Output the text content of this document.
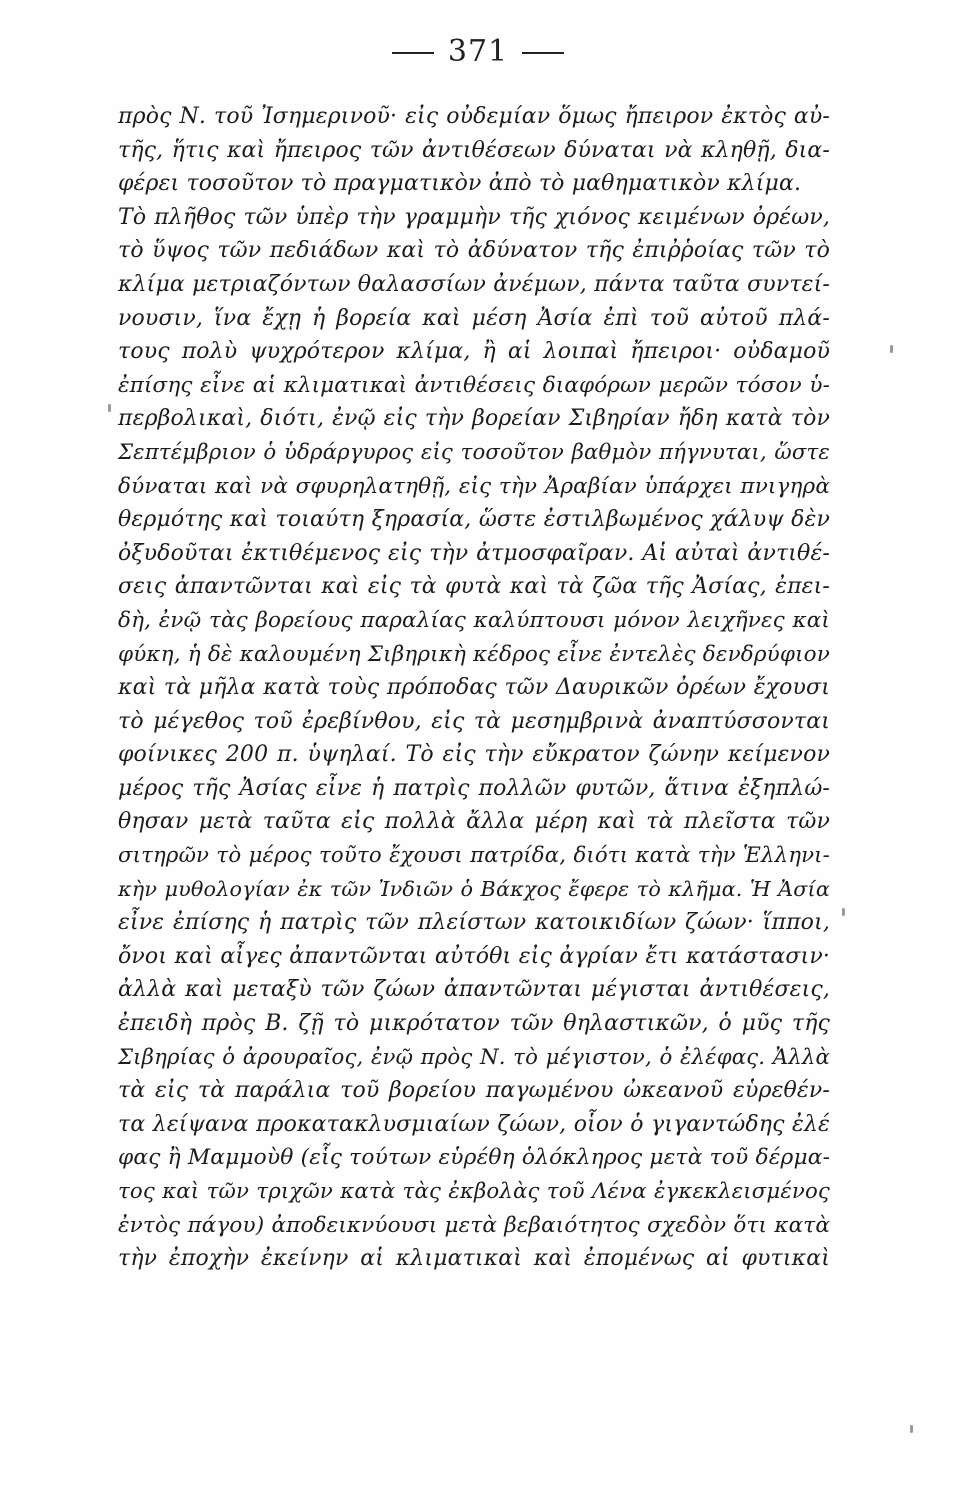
371
πρὸς Ν. τοῦ Ἰσημερινοῦ· εἰς οὐδεμίαν ὅμως ἤπειρον ἐκτὸς αὐ-
τῆς, ἥτις καὶ ἤπειρος τῶν ἀντιθέσεων δύναται νὰ κληθῇ, δια-
φέρει τοσοῦτον τὸ πραγματικὸν ἀπὸ τὸ μαθηματικὸν κλίμα.
Τὸ πλῆθος τῶν ὑπὲρ τὴν γραμμὴν τῆς χιόνος κειμένων ὀρέων,
τὸ ὕψος τῶν πεδιάδων καὶ τὸ ἀδύνατον τῆς ἐπιῤῥοίας τῶν τὸ
κλίμα μετριαζόντων θαλασσίων ἀνέμων, πάντα ταῦτα συντεί-
νουσιν, ἵνα ἔχῃ ἡ βορεία καὶ μέση Ἀσία ἐπὶ τοῦ αὐτοῦ πλά-
τους πολὺ ψυχρότερον κλίμα, ἢ αἱ λοιπαὶ ἤπειροι· οὐδαμοῦ
ἐπίσης εἶνε αἱ κλιματικαὶ ἀντιθέσεις διαφόρων μερῶν τόσον ὑ-
περβολικαὶ, διότι, ἐνῷ εἰς τὴν βορείαν Σιβηρίαν ἤδη κατὰ τὸν
Σεπτέμβριον ὁ ὑδράργυρος εἰς τοσοῦτον βαθμὸν πήγνυται, ὥστε
δύναται καὶ νὰ σφυρηλατηθῇ, εἰς τὴν Ἀραβίαν ὑπάρχει πνιγηρὰ
θερμότης καὶ τοιαύτη ξηρασία, ὥστε ἐστιλβωμένος χάλυψ δὲν
ὀξυδοῦται ἐκτιθέμενος εἰς τὴν ἀτμοσφαῖραν. Αἱ αὐταὶ ἀντιθέ-
σεις ἀπαντῶνται καὶ εἰς τὰ φυτὰ καὶ τὰ ζῶα τῆς Ἀσίας, ἐπει-
δὴ, ἐνῷ τὰς βορείους παραλίας καλύπτουσι μόνον λειχῆνες καὶ
φύκη, ἡ δὲ καλουμένη Σιβηρικὴ κέδρος εἶνε ἐντελὲς δενδρύφιον
καὶ τὰ μῆλα κατὰ τοὺς πρόποδας τῶν Δαυρικῶν ὀρέων ἔχουσι
τὸ μέγεθος τοῦ ἐρεβίνθου, εἰς τὰ μεσημβρινὰ ἀναπτύσσονται
φοίνικες 200 π. ὑψηλαί. Τὸ εἰς τὴν εὔκρατον ζώνην κείμενον
μέρος τῆς Ἀσίας εἶνε ἡ πατρὶς πολλῶν φυτῶν, ἅτινα ἐξηπλώ-
θησαν μετὰ ταῦτα εἰς πολλὰ ἄλλα μέρη καὶ τὰ πλεῖστα τῶν
σιτηρῶν τὸ μέρος τοῦτο ἔχουσι πατρίδα, διότι κατὰ τὴν Ἑλληνι-
κὴν μυθολογίαν ἐκ τῶν Ἰνδιῶν ὁ Βάκχος ἔφερε τὸ κλῆμα. Ἡ Ἀσία
εἶνε ἐπίσης ἡ πατρὶς τῶν πλείστων κατοικιδίων ζώων· ἵπποι,
ὄνοι καὶ αἶγες ἀπαντῶνται αὐτόθι εἰς ἀγρίαν ἔτι κατάστασιν·
ἀλλὰ καὶ μεταξὺ τῶν ζώων ἀπαντῶνται μέγισται ἀντιθέσεις,
ἐπειδὴ πρὸς Β. ζῇ τὸ μικρότατον τῶν θηλαστικῶν, ὁ μῦς τῆς
Σιβηρίας ὁ ἀρουραῖος, ἐνῷ πρὸς Ν. τὸ μέγιστον, ὁ ἐλέφας. Ἀλλὰ
τὰ εἰς τὰ παράλια τοῦ βορείου παγωμένου ὠκεανοῦ εὑρεθέν-
τα λείψανα προκατακλυσμιαίων ζώων, οἷον ὁ γιγαντώδης ἐλέ
φας ἢ Μαμμοὺθ (εἷς τούτων εὑρέθη ὁλόκληρος μετὰ τοῦ δέρμα-
τος καὶ τῶν τριχῶν κατὰ τὰς ἐκβολὰς τοῦ Λένα ἐγκεκλεισμένος
ἐντὸς πάγου) ἀποδεικνύουσι μετὰ βεβαιότητος σχεδὸν ὅτι κατὰ
τὴν ἐποχὴν ἐκείνην αἱ κλιματικαὶ καὶ ἐπομένως αἱ φυτικαὶ
